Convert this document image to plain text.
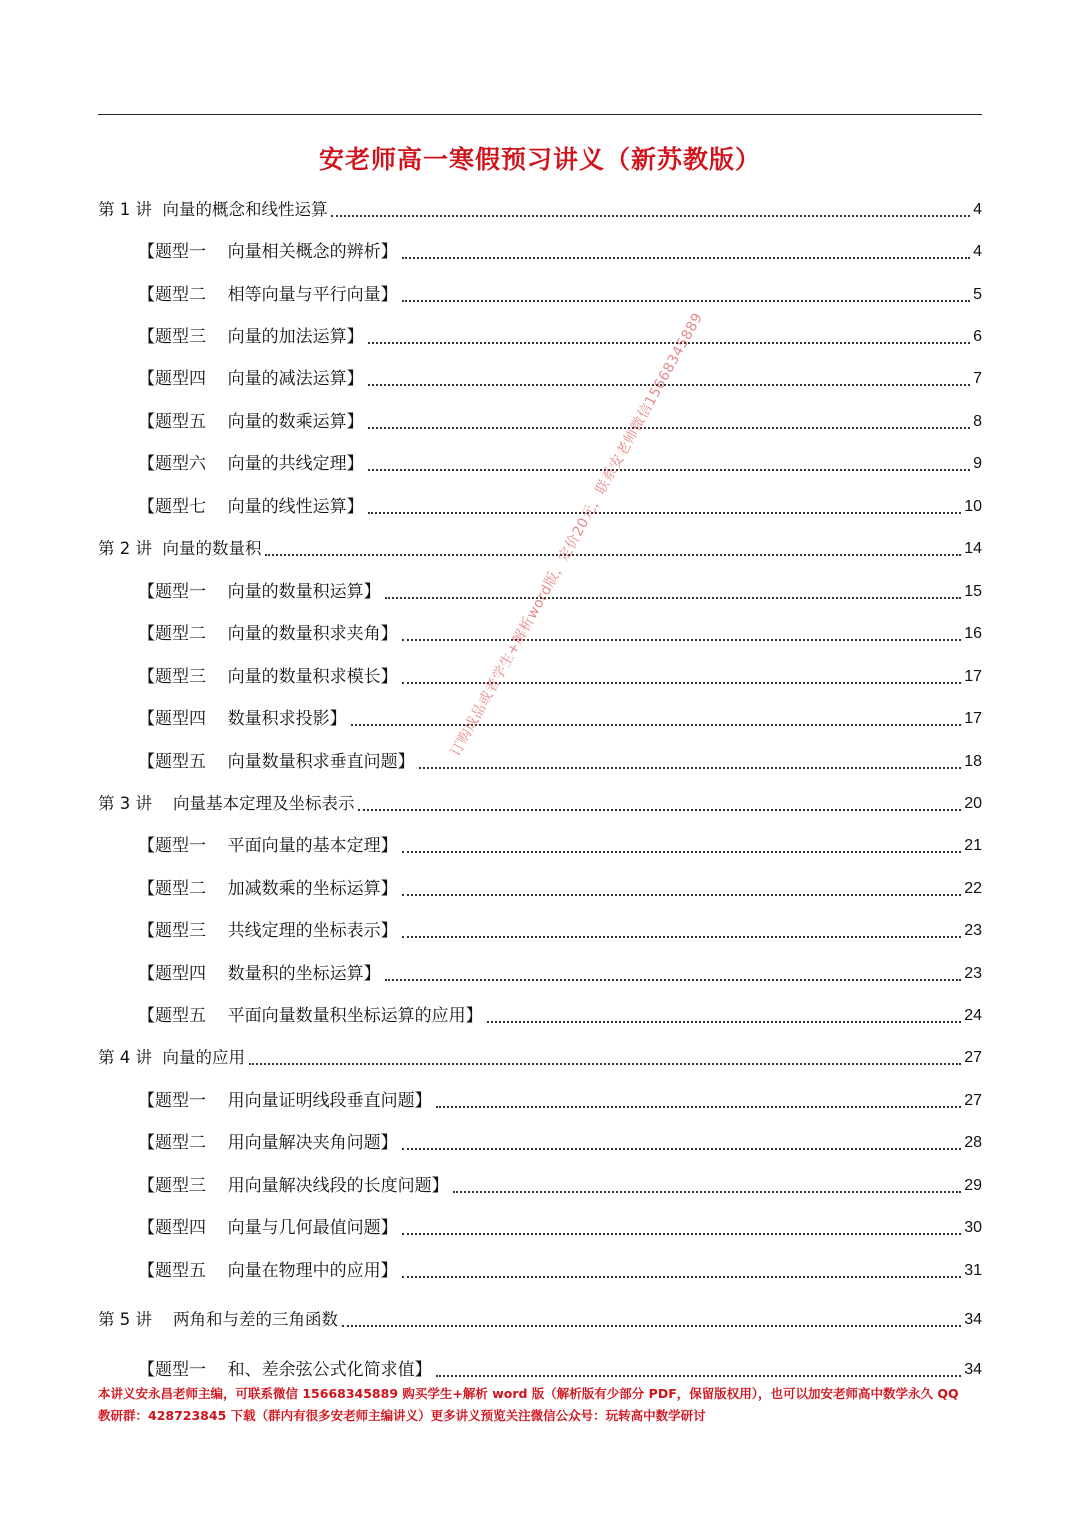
安老师高一寒假预习讲义（新苏教版）
第 1 讲  向量的概念和线性运算	4
【题型一    向量相关概念的辨析】	4
【题型二    相等向量与平行向量】	5
【题型三    向量的加法运算】	6
【题型四    向量的减法运算】	7
【题型五    向量的数乘运算】	8
【题型六    向量的共线定理】	9
【题型七    向量的线性运算】	10
第 2 讲  向量的数量积	14
【题型一    向量的数量积运算】	15
【题型二    向量的数量积求夹角】	16
【题型三    向量的数量积求模长】	17
【题型四    数量积求投影】	17
【题型五    向量数量积求垂直问题】	18
第 3 讲    向量基本定理及坐标表示	20
【题型一    平面向量的基本定理】	21
【题型二    加减数乘的坐标运算】	22
【题型三    共线定理的坐标表示】	23
【题型四    数量积的坐标运算】	23
【题型五    平面向量数量积坐标运算的应用】	24
第 4 讲  向量的应用	27
【题型一    用向量证明线段垂直问题】	27
【题型二    用向量解决夹角问题】	28
【题型三    用向量解决线段的长度问题】	29
【题型四    向量与几何最值问题】	30
【题型五    向量在物理中的应用】	31
第 5 讲    两角和与差的三角函数	34
【题型一    和、差余弦公式化简求值】	34
订购成品或者学生+解析word版，定价20元，联系安老师微信15668345889
本讲义安永昌老师主编，可联系微信 15668345889 购买学生+解析 word 版（解析版有少部分 PDF，保留版权用），也可以加安老师高中数学永久 QQ
教研群：428723845 下载（群内有很多安老师主编讲义）更多讲义预览关注微信公众号：玩转高中数学研讨
